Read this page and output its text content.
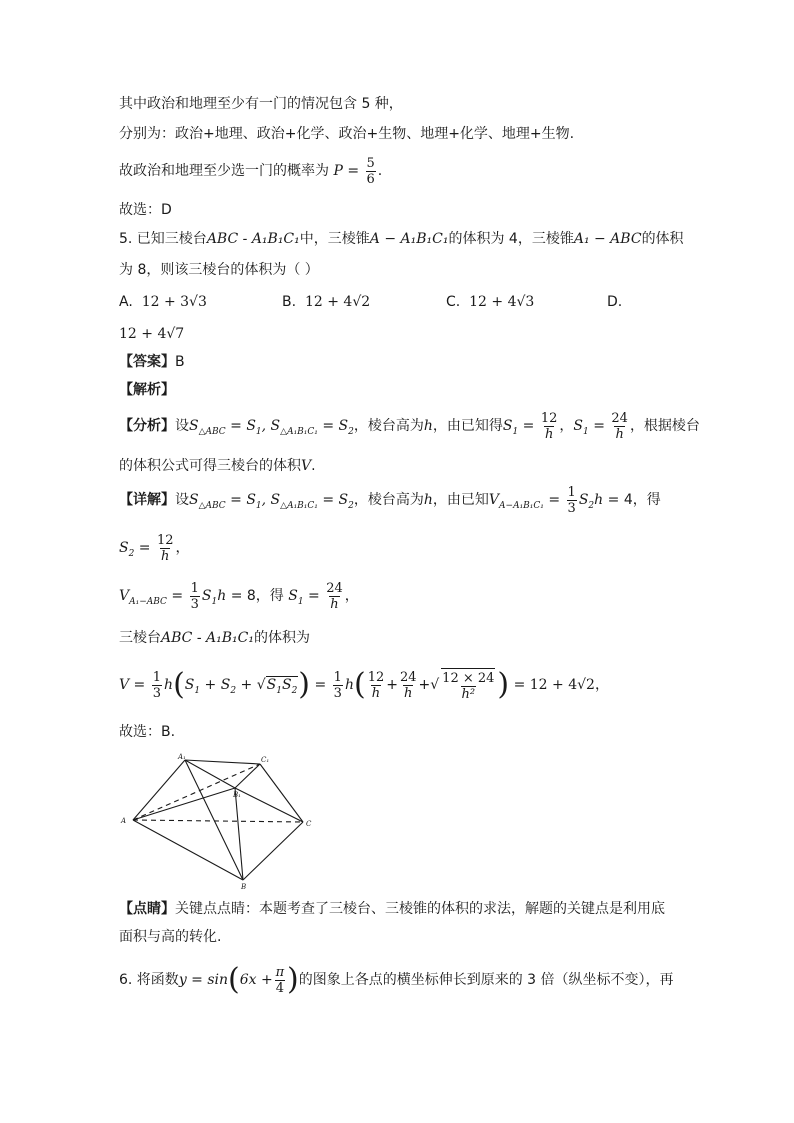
其中政治和地理至少有一门的情况包含 5 种，
分别为：政治+地理、政治+化学、政治+生物、地理+化学、地理+生物.
故政治和地理至少选一门的概率为 $P = \frac{5}{6}$ .
故选：D
5. 已知三棱台ABC - A₁B₁C₁中，三棱锥A − A₁B₁C₁的体积为 4，三棱锥A₁ − ABC的体积
为 8，则该三棱台的体积为（ ）
A. 12 + 3√3	B. 12 + 4√2	C. 12 + 4√3	D.
12 + 4√7
【答案】B
【解析】
【分析】设$S_{\triangle ABC} = S_1$, $S_{\triangle A_1B_1C_1} = S_2$，棱台高为h，由已知得$S_1 = \frac{12}{h}$ ，$S_1 = \frac{24}{h}$ ，根据棱台
的体积公式可得三棱台的体积V.
【详解】设$S_{\triangle ABC} = S_1$, $S_{\triangle A_1B_1C_1} = S_2$，棱台高为h，由已知$V_{A-A_1B_1C_1} = \frac{1}{3} S_2h = 4$，得
$S_2 = \frac{12}{h}$ ，
$V_{A_1-ABC} = \frac{1}{3} S_1h = 8$，得 $S_1 = \frac{24}{h}$ ，
三棱台ABC - A₁B₁C₁的体积为
$V = \frac{1}{3} h(S_1 + S_2 + √S_1S_2) = \frac{1}{3} h( \frac{12}{h} + \frac{24}{h}$ +√ $\frac{12 \times 24}{\text{h²}}$ ) = 12 + 4√2，
故选：B.
A₁	C₁
B₁
A	C
B
【点睛】关键点点睛：本题考查了三棱台、三棱锥的体积的求法，解题的关键点是利用底
面积与高的转化.
6. 将函数$y = \sin(6x + \frac{\pi}{4}$ )的图象上各点的横坐标伸长到原来的 3 倍（纵坐标不变），再
